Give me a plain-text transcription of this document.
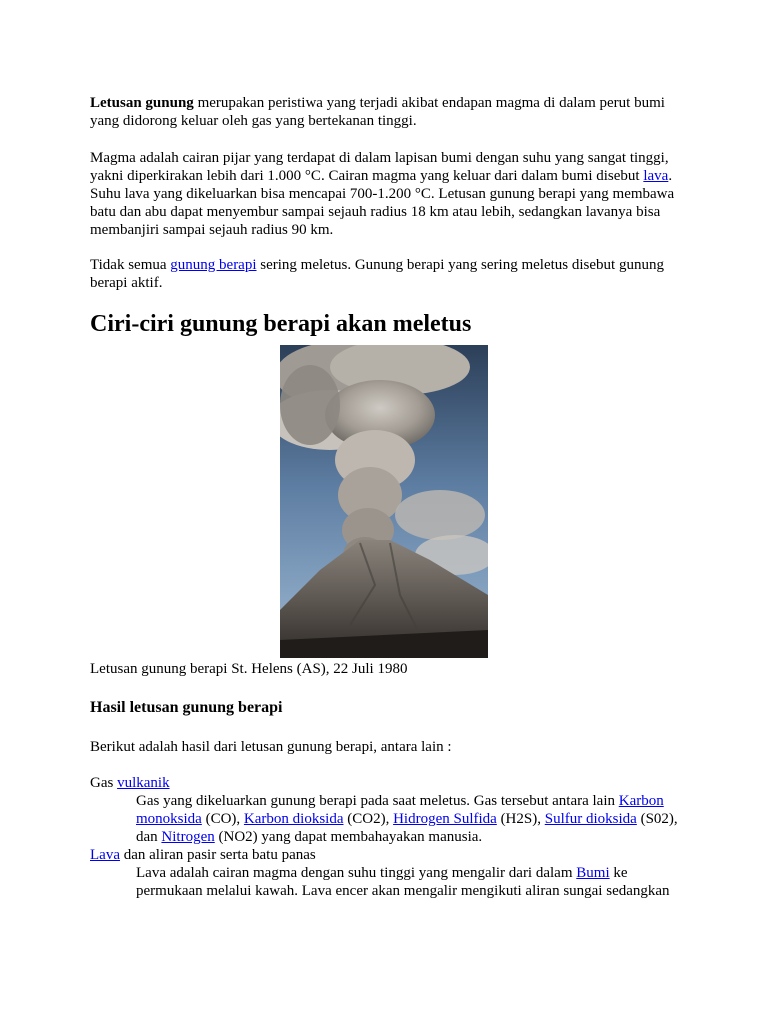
Letusan gunung merupakan peristiwa yang terjadi akibat endapan magma di dalam perut bumi yang didorong keluar oleh gas yang bertekanan tinggi.

Magma adalah cairan pijar yang terdapat di dalam lapisan bumi dengan suhu yang sangat tinggi, yakni diperkirakan lebih dari 1.000 °C. Cairan magma yang keluar dari dalam bumi disebut lava. Suhu lava yang dikeluarkan bisa mencapai 700-1.200 °C. Letusan gunung berapi yang membawa batu dan abu dapat menyembur sampai sejauh radius 18 km atau lebih, sedangkan lavanya bisa membanjiri sampai sejauh radius 90 km.

Tidak semua gunung berapi sering meletus. Gunung berapi yang sering meletus disebut gunung berapi aktif.

Ciri-ciri gunung berapi akan meletus

Letusan gunung berapi St. Helens (AS), 22 Juli 1980

Hasil letusan gunung berapi

Berikut adalah hasil dari letusan gunung berapi, antara lain :

Gas vulkanik
Gas yang dikeluarkan gunung berapi pada saat meletus. Gas tersebut antara lain Karbon monoksida (CO), Karbon dioksida (CO2), Hidrogen Sulfida (H2S), Sulfur dioksida (S02), dan Nitrogen (NO2) yang dapat membahayakan manusia.
Lava dan aliran pasir serta batu panas
Lava adalah cairan magma dengan suhu tinggi yang mengalir dari dalam Bumi ke permukaan melalui kawah. Lava encer akan mengalir mengikuti aliran sungai sedangkan
